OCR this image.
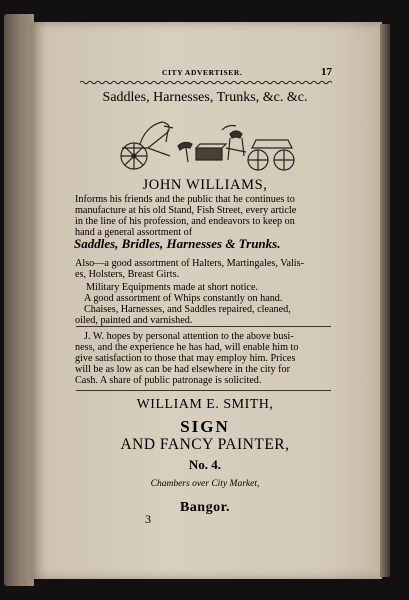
CITY ADVERTISER.	17
Saddles, Harnesses, Trunks, &c. &c.
JOHN WILLIAMS,
Informs his friends and the public that he continues to
manufacture at his old Stand, Fish Street, every article
in the line of his profession, and endeavors to keep on
hand a general assortment of
Saddles, Bridles, Harnesses & Trunks.
Also—a good assortment of Halters, Martingales, Valis-
es, Holsters, Breast Girts.
Military Equipments made at short notice.
A good assortment of Whips constantly on hand.
Chaises, Harnesses, and Saddles repaired, cleaned,
oiled, painted and varnished.
J. W. hopes by personal attention to the above busi-
ness, and the experience he has had, will enable him to
give satisfaction to those that may employ him. Prices
will be as low as can be had elsewhere in the city for
Cash. A share of public patronage is solicited.
WILLIAM E. SMITH,
SIGN
AND FANCY PAINTER,
No. 4.
Chambers over City Market,
Bangor.
3
